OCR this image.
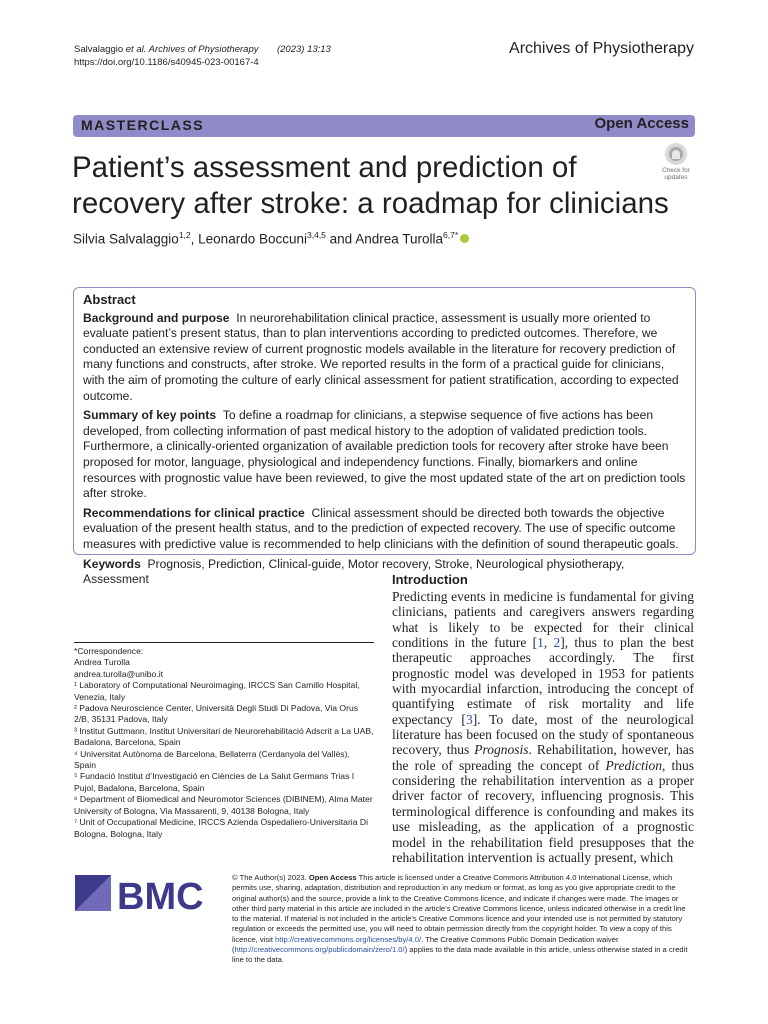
Salvalaggio et al. Archives of Physiotherapy (2023) 13:13
https://doi.org/10.1186/s40945-023-00167-4
Archives of Physiotherapy
MASTERCLASS	Open Access
Patient’s assessment and prediction of recovery after stroke: a roadmap for clinicians
Check for
updates
Silvia Salvalaggio$^{1,2}$, Leonardo Boccuni$^{3,4,5}$ and Andrea Turolla$^{6,7*}$
Abstract

Background and purpose In neurorehabilitation clinical practice, assessment is usually more oriented to evaluate patient’s present status, than to plan interventions according to predicted outcomes. Therefore, we conducted an extensive review of current prognostic models available in the literature for recovery prediction of many functions and constructs, after stroke. We reported results in the form of a practical guide for clinicians, with the aim of promoting the culture of early clinical assessment for patient stratification, according to expected outcome.

Summary of key points To define a roadmap for clinicians, a stepwise sequence of five actions has been developed, from collecting information of past medical history to the adoption of validated prediction tools. Furthermore, a clinically-oriented organization of available prediction tools for recovery after stroke have been proposed for motor, language, physiological and independency functions. Finally, biomarkers and online resources with prognostic value have been reviewed, to give the most updated state of the art on prediction tools after stroke.

Recommendations for clinical practice Clinical assessment should be directed both towards the objective evaluation of the present health status, and to the prediction of expected recovery. The use of specific outcome measures with predictive value is recommended to help clinicians with the definition of sound therapeutic goals.

Keywords Prognosis, Prediction, Clinical-guide, Motor recovery, Stroke, Neurological physiotherapy, Assessment

*Correspondence:
Andrea Turolla
andrea.turolla@unibo.it
¹ Laboratory of Computational Neuroimaging, IRCCS San Camillo Hospital, Venezia, Italy
² Padova Neuroscience Center, Università Degli Studi Di Padova, Via Orus 2/B, 35131 Padova, Italy
³ Institut Guttmann, Institut Universitari de Neurorehabilitació Adscrit a La UAB, Badalona, Barcelona, Spain
⁴ Universitat Autònoma de Barcelona, Bellaterra (Cerdanyola del Vallès), Spain
⁵ Fundació Institut d’Investigació en Ciències de La Salut Germans Trias I Pujol, Badalona, Barcelona, Spain
⁶ Department of Biomedical and Neuromotor Sciences (DIBINEM), Alma Mater University of Bologna, Via Massarenti, 9, 40138 Bologna, Italy
⁷ Unit of Occupational Medicine, IRCCS Azienda Ospedaliero-Universitaria Di Bologna, Bologna, Italy
Introduction
Predicting events in medicine is fundamental for giving clinicians, patients and caregivers answers regarding what is likely to be expected for their clinical conditions in the future [1, 2], thus to plan the best therapeutic approaches accordingly. The first prognostic model was developed in 1953 for patients with myocardial infarction, introducing the concept of quantifying estimate of risk mortality and life expectancy [3]. To date, most of the neurological literature has been focused on the study of spontaneous recovery, thus Prognosis. Rehabilitation, however, has the role of spreading the concept of Prediction, thus considering the rehabilitation intervention as a proper driver factor of recovery, influencing prognosis. This terminological difference is confounding and makes its use misleading, as the application of a prognostic model in the rehabilitation field presupposes that the rehabilitation intervention is actually present, which
BMC	© The Author(s) 2023. Open Access This article is licensed under a Creative Commons Attribution 4.0 International License, which permits use, sharing, adaptation, distribution and reproduction in any medium or format, as long as you give appropriate credit to the original author(s) and the source, provide a link to the Creative Commons licence, and indicate if changes were made. The images or other third party material in this article are included in the article’s Creative Commons licence, unless indicated otherwise in a credit line to the material. If material is not included in the article’s Creative Commons licence and your intended use is not permitted by statutory regulation or exceeds the permitted use, you will need to obtain permission directly from the copyright holder. To view a copy of this licence, visit http://creativecommons.org/licenses/by/4.0/. The Creative Commons Public Domain Dedication waiver (http://creativecommons.org/publicdomain/zero/1.0/) applies to the data made available in this article, unless otherwise stated in a credit line to the data.
